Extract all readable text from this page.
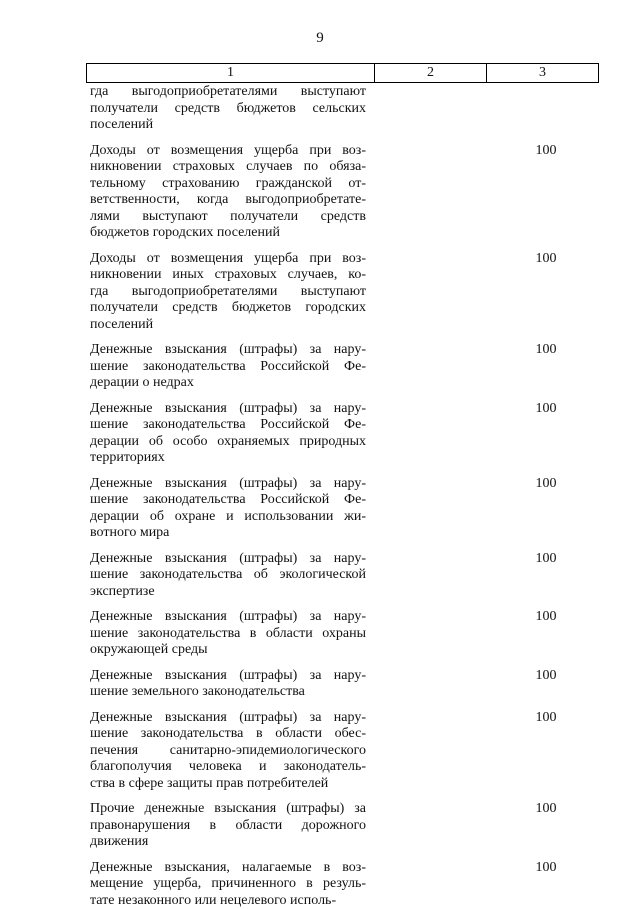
9
1	2	3
гда выгодоприобретателями выступают
получатели средств бюджетов сельских
поселений
Доходы от возмещения ущерба при воз-
никновении страховых случаев по обяза-
тельному страхованию гражданской от-
ветственности, когда выгодоприобретате-
лями выступают получатели средств
бюджетов городских поселений
100
Доходы от возмещения ущерба при воз-
никновении иных страховых случаев, ко-
гда выгодоприобретателями выступают
получатели средств бюджетов городских
поселений
100
Денежные взыскания (штрафы) за нару-
шение законодательства Российской Фе-
дерации о недрах
100
Денежные взыскания (штрафы) за нару-
шение законодательства Российской Фе-
дерации об особо охраняемых природных
территориях
100
Денежные взыскания (штрафы) за нару-
шение законодательства Российской Фе-
дерации об охране и использовании жи-
вотного мира
100
Денежные взыскания (штрафы) за нару-
шение законодательства об экологической
экспертизе
100
Денежные взыскания (штрафы) за нару-
шение законодательства в области охраны
окружающей среды
100
Денежные взыскания (штрафы) за нару-
шение земельного законодательства
100
Денежные взыскания (штрафы) за нару-
шение законодательства в области обес-
печения санитарно-эпидемиологического
благополучия человека и законодатель-
ства в сфере защиты прав потребителей
100
Прочие денежные взыскания (штрафы) за
правонарушения в области дорожного
движения
100
Денежные взыскания, налагаемые в воз-
мещение ущерба, причиненного в резуль-
тате незаконного или нецелевого исполь-
100
